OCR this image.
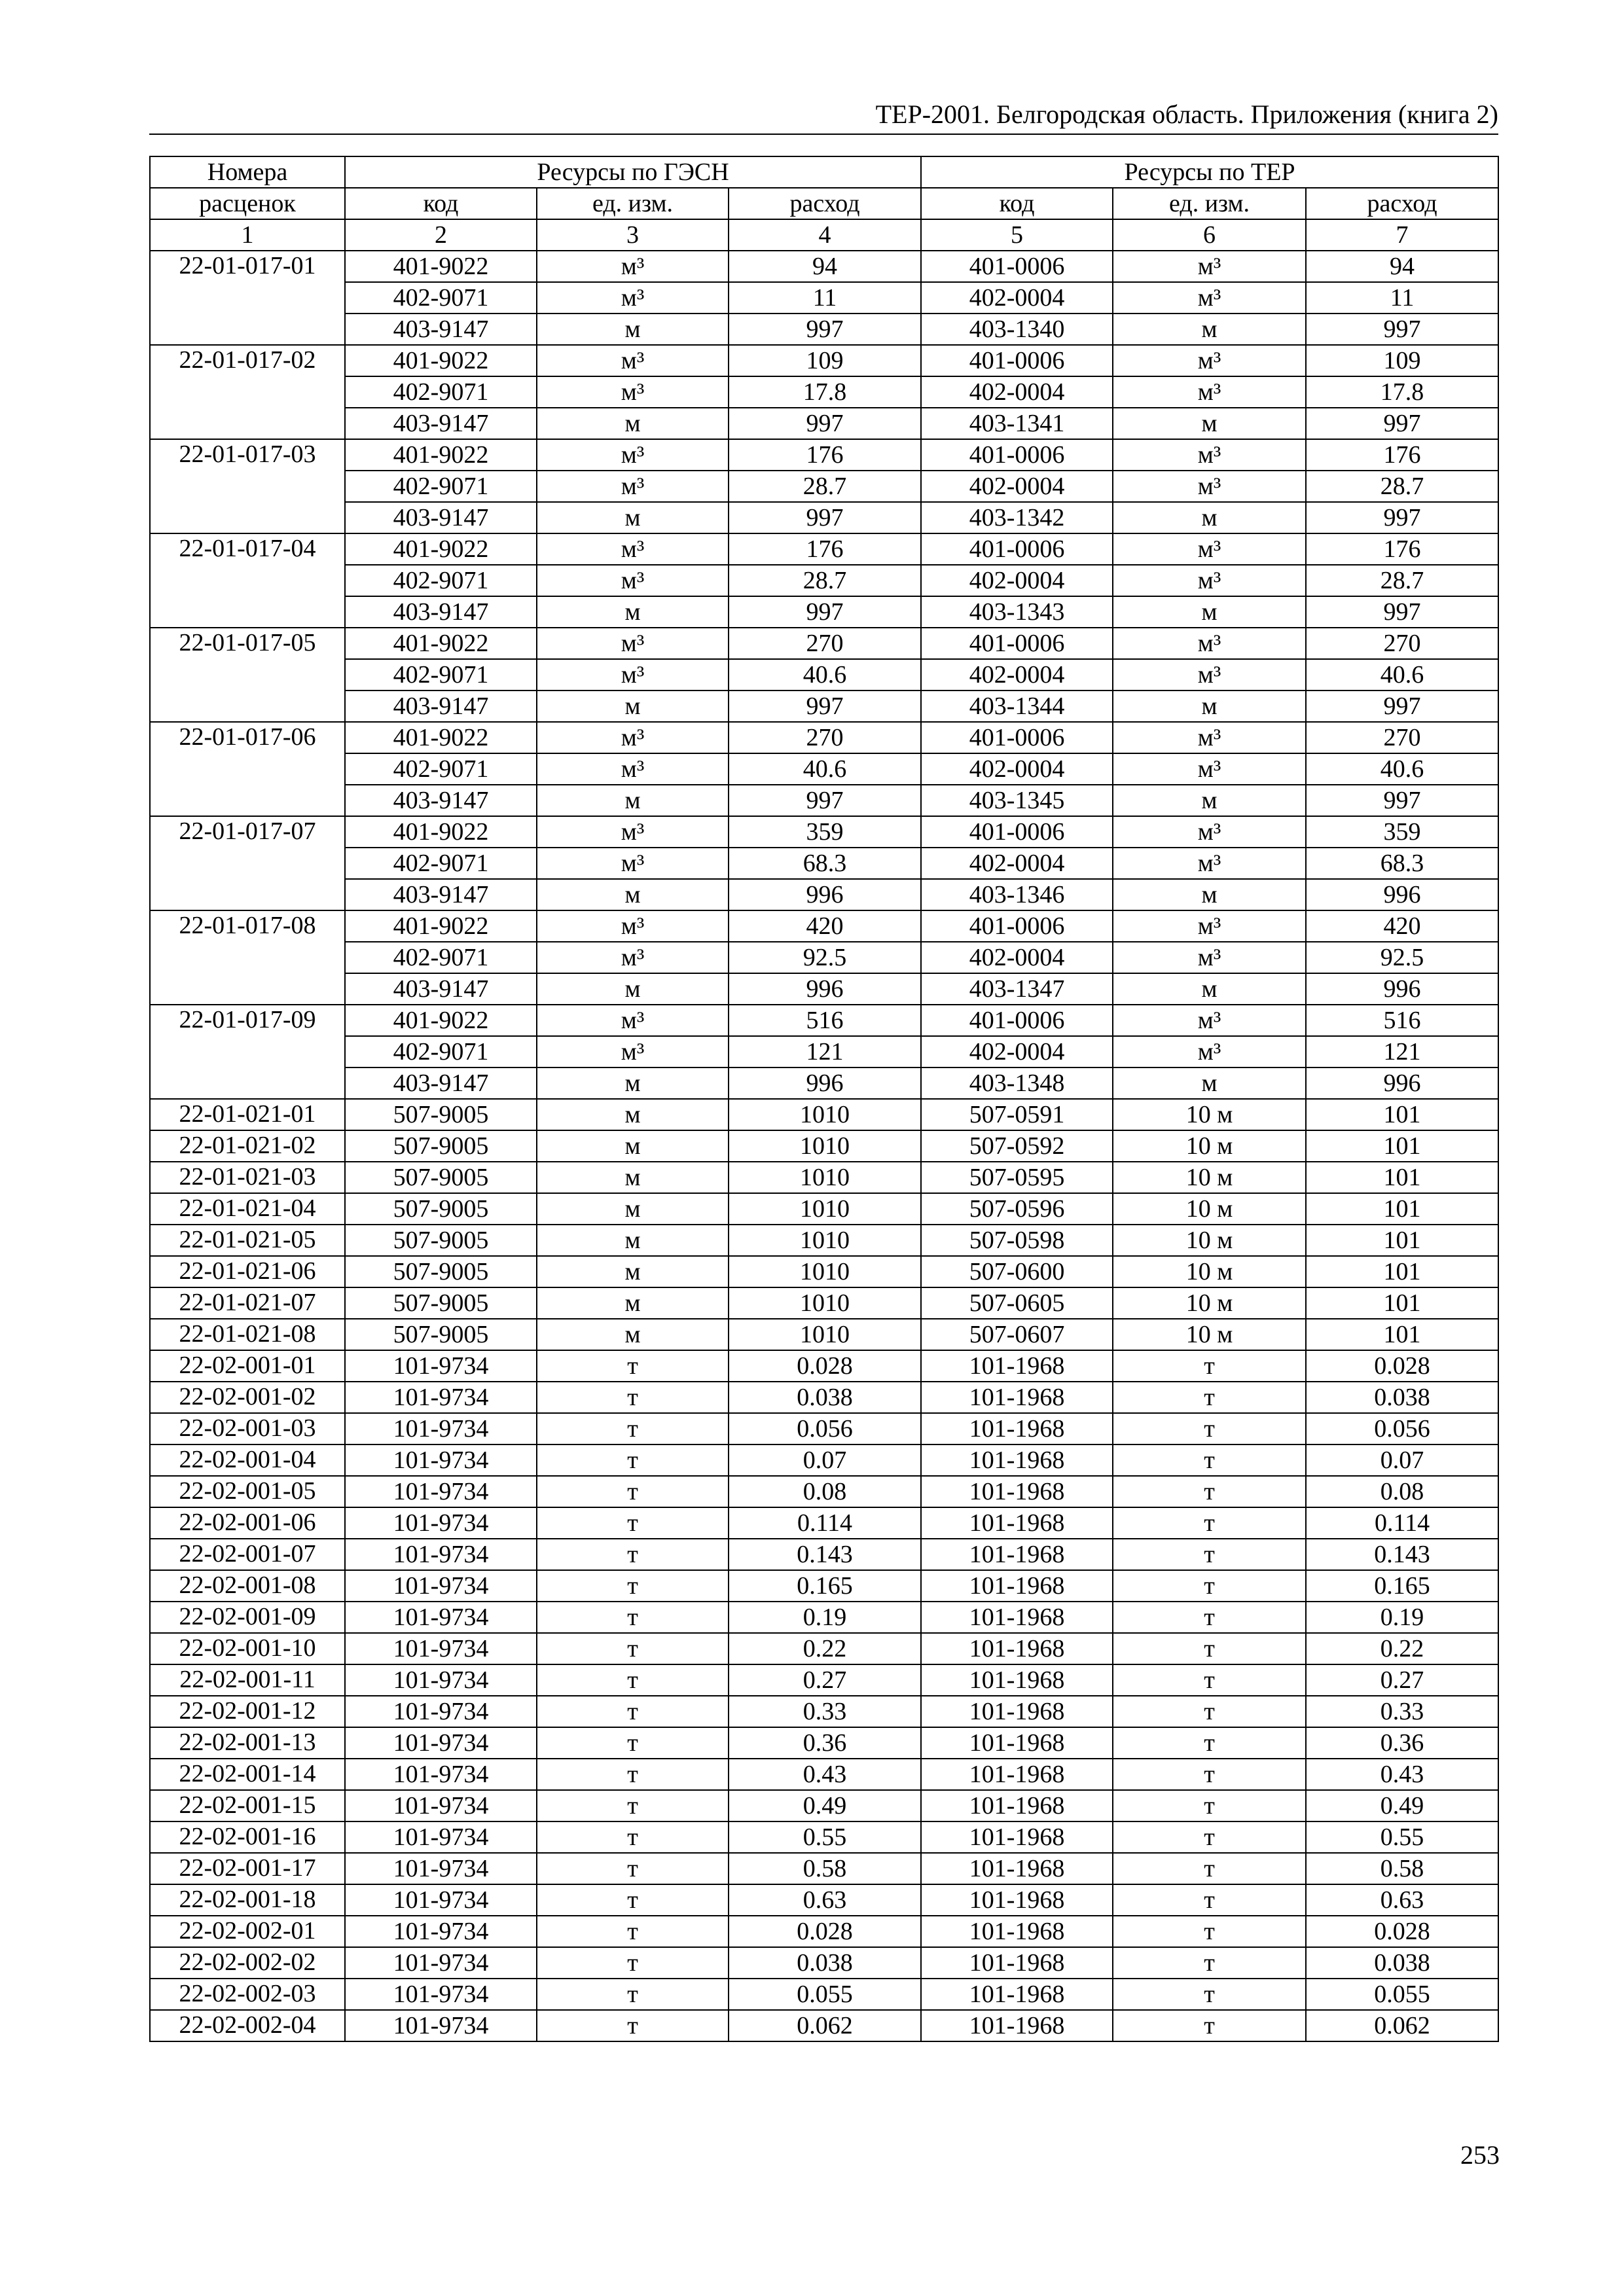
ТЕР-2001. Белгородская область. Приложения (книга 2)
Номера	Ресурсы по ГЭСН			Ресурсы по ТЕР		
расценок	код	ед. изм.	расход	код	ед. изм.	расход
1	2	3	4	5	6	7
22-01-017-01	401-9022	м³	94	401-0006	м³	94
	402-9071	м³	11	402-0004	м³	11
	403-9147	м	997	403-1340	м	997
22-01-017-02	401-9022	м³	109	401-0006	м³	109
	402-9071	м³	17.8	402-0004	м³	17.8
	403-9147	м	997	403-1341	м	997
22-01-017-03	401-9022	м³	176	401-0006	м³	176
	402-9071	м³	28.7	402-0004	м³	28.7
	403-9147	м	997	403-1342	м	997
22-01-017-04	401-9022	м³	176	401-0006	м³	176
	402-9071	м³	28.7	402-0004	м³	28.7
	403-9147	м	997	403-1343	м	997
22-01-017-05	401-9022	м³	270	401-0006	м³	270
	402-9071	м³	40.6	402-0004	м³	40.6
	403-9147	м	997	403-1344	м	997
22-01-017-06	401-9022	м³	270	401-0006	м³	270
	402-9071	м³	40.6	402-0004	м³	40.6
	403-9147	м	997	403-1345	м	997
22-01-017-07	401-9022	м³	359	401-0006	м³	359
	402-9071	м³	68.3	402-0004	м³	68.3
	403-9147	м	996	403-1346	м	996
22-01-017-08	401-9022	м³	420	401-0006	м³	420
	402-9071	м³	92.5	402-0004	м³	92.5
	403-9147	м	996	403-1347	м	996
22-01-017-09	401-9022	м³	516	401-0006	м³	516
	402-9071	м³	121	402-0004	м³	121
	403-9147	м	996	403-1348	м	996
22-01-021-01	507-9005	м	1010	507-0591	10 м	101
22-01-021-02	507-9005	м	1010	507-0592	10 м	101
22-01-021-03	507-9005	м	1010	507-0595	10 м	101
22-01-021-04	507-9005	м	1010	507-0596	10 м	101
22-01-021-05	507-9005	м	1010	507-0598	10 м	101
22-01-021-06	507-9005	м	1010	507-0600	10 м	101
22-01-021-07	507-9005	м	1010	507-0605	10 м	101
22-01-021-08	507-9005	м	1010	507-0607	10 м	101
22-02-001-01	101-9734	т	0.028	101-1968	т	0.028
22-02-001-02	101-9734	т	0.038	101-1968	т	0.038
22-02-001-03	101-9734	т	0.056	101-1968	т	0.056
22-02-001-04	101-9734	т	0.07	101-1968	т	0.07
22-02-001-05	101-9734	т	0.08	101-1968	т	0.08
22-02-001-06	101-9734	т	0.114	101-1968	т	0.114
22-02-001-07	101-9734	т	0.143	101-1968	т	0.143
22-02-001-08	101-9734	т	0.165	101-1968	т	0.165
22-02-001-09	101-9734	т	0.19	101-1968	т	0.19
22-02-001-10	101-9734	т	0.22	101-1968	т	0.22
22-02-001-11	101-9734	т	0.27	101-1968	т	0.27
22-02-001-12	101-9734	т	0.33	101-1968	т	0.33
22-02-001-13	101-9734	т	0.36	101-1968	т	0.36
22-02-001-14	101-9734	т	0.43	101-1968	т	0.43
22-02-001-15	101-9734	т	0.49	101-1968	т	0.49
22-02-001-16	101-9734	т	0.55	101-1968	т	0.55
22-02-001-17	101-9734	т	0.58	101-1968	т	0.58
22-02-001-18	101-9734	т	0.63	101-1968	т	0.63
22-02-002-01	101-9734	т	0.028	101-1968	т	0.028
22-02-002-02	101-9734	т	0.038	101-1968	т	0.038
22-02-002-03	101-9734	т	0.055	101-1968	т	0.055
22-02-002-04	101-9734	т	0.062	101-1968	т	0.062
253
